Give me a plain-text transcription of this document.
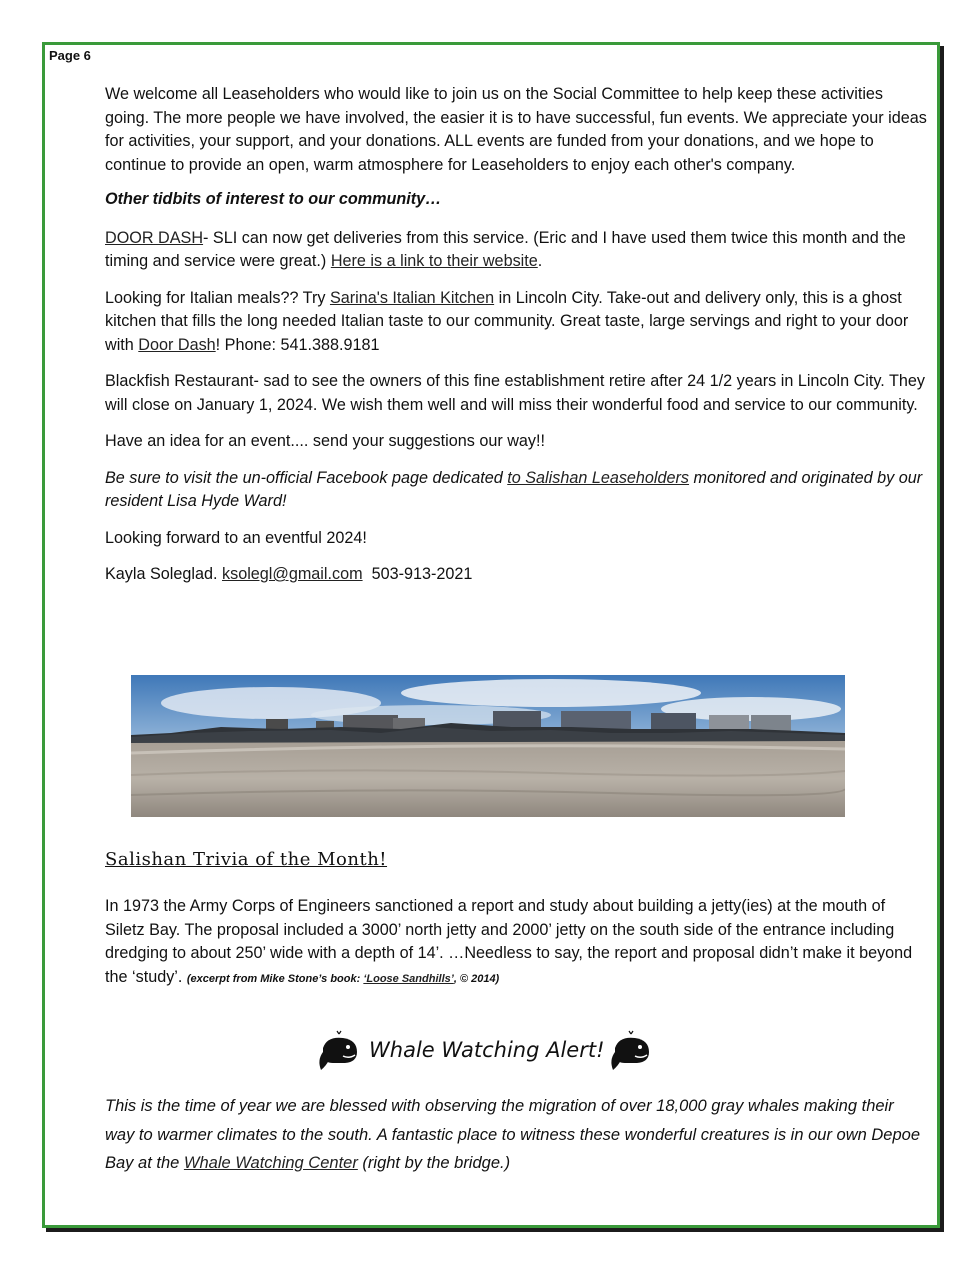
Page 6

We welcome all Leaseholders who would like to join us on the Social Committee to help keep these activities going. The more people we have involved, the easier it is to have successful, fun events. We appreciate your ideas for activities, your support, and your donations. ALL events are funded from your donations, and we hope to continue to provide an open, warm atmosphere for Leaseholders to enjoy each other's company.

Other tidbits of interest to our community…

DOOR DASH- SLI can now get deliveries from this service. (Eric and I have used them twice this month and the timing and service were great.) Here is a link to their website.

Looking for Italian meals?? Try Sarina's Italian Kitchen in Lincoln City. Take-out and delivery only, this is a ghost kitchen that fills the long needed Italian taste to our community. Great taste, large servings and right to your door with Door Dash! Phone: 541.388.9181

Blackfish Restaurant- sad to see the owners of this fine establishment retire after 24 1/2 years in Lincoln City. They will close on January 1, 2024. We wish them well and will miss their wonderful food and service to our community.

Have an idea for an event.... send your suggestions our way!!

Be sure to visit the un-official Facebook page dedicated to Salishan Leaseholders monitored and originated by our resident Lisa Hyde Ward!

Looking forward to an eventful 2024!

Kayla Soleglad. ksolegl@gmail.com  503-913-2021

Salishan Trivia of the Month!

In 1973 the Army Corps of Engineers sanctioned a report and study about building a jetty(ies) at the mouth of Siletz Bay. The proposal included a 3000’ north jetty and 2000’ jetty on the south side of the entrance including dredging to about 250’ wide with a depth of 14’. …Needless to say, the report and proposal didn’t make it beyond the ‘study’. (excerpt from Mike Stone’s book: ‘Loose Sandhills’, © 2014)

Whale Watching Alert!

This is the time of year we are blessed with observing the migration of over 18,000 gray whales making their way to warmer climates to the south. A fantastic place to witness these wonderful creatures is in our own Depoe Bay at the Whale Watching Center (right by the bridge.)
